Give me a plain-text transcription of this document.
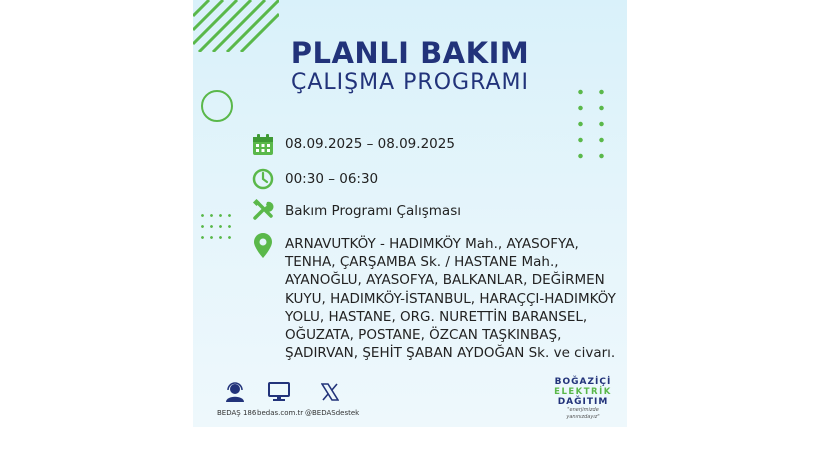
PLANLI BAKIM
ÇALIŞMA PROGRAMI
08.09.2025 – 08.09.2025
00:30 – 06:30
Bakım Programı Çalışması
ARNAVUTKÖY - HADIMKÖY Mah., AYASOFYA, TENHA, ÇARŞAMBA Sk. / HASTANE Mah., AYANOĞLU, AYASOFYA, BALKANLAR, DEĞİRMEN KUYU, HADIMKÖY-İSTANBUL, HARAÇÇI-HADIMKÖY YOLU, HASTANE, ORG. NURETTİN BARANSEL, OĞUZATA, POSTANE, ÖZCAN TAŞKINBAŞ, ŞADIRVAN, ŞEHİT ŞABAN AYDOĞAN Sk. ve civarı.
BEDAŞ 186 bedas.com.tr @BEDASdestek
BOĞAZİÇİ
ELEKTRİK
DAĞITIM
"enerjimizde yanınızdayız"
